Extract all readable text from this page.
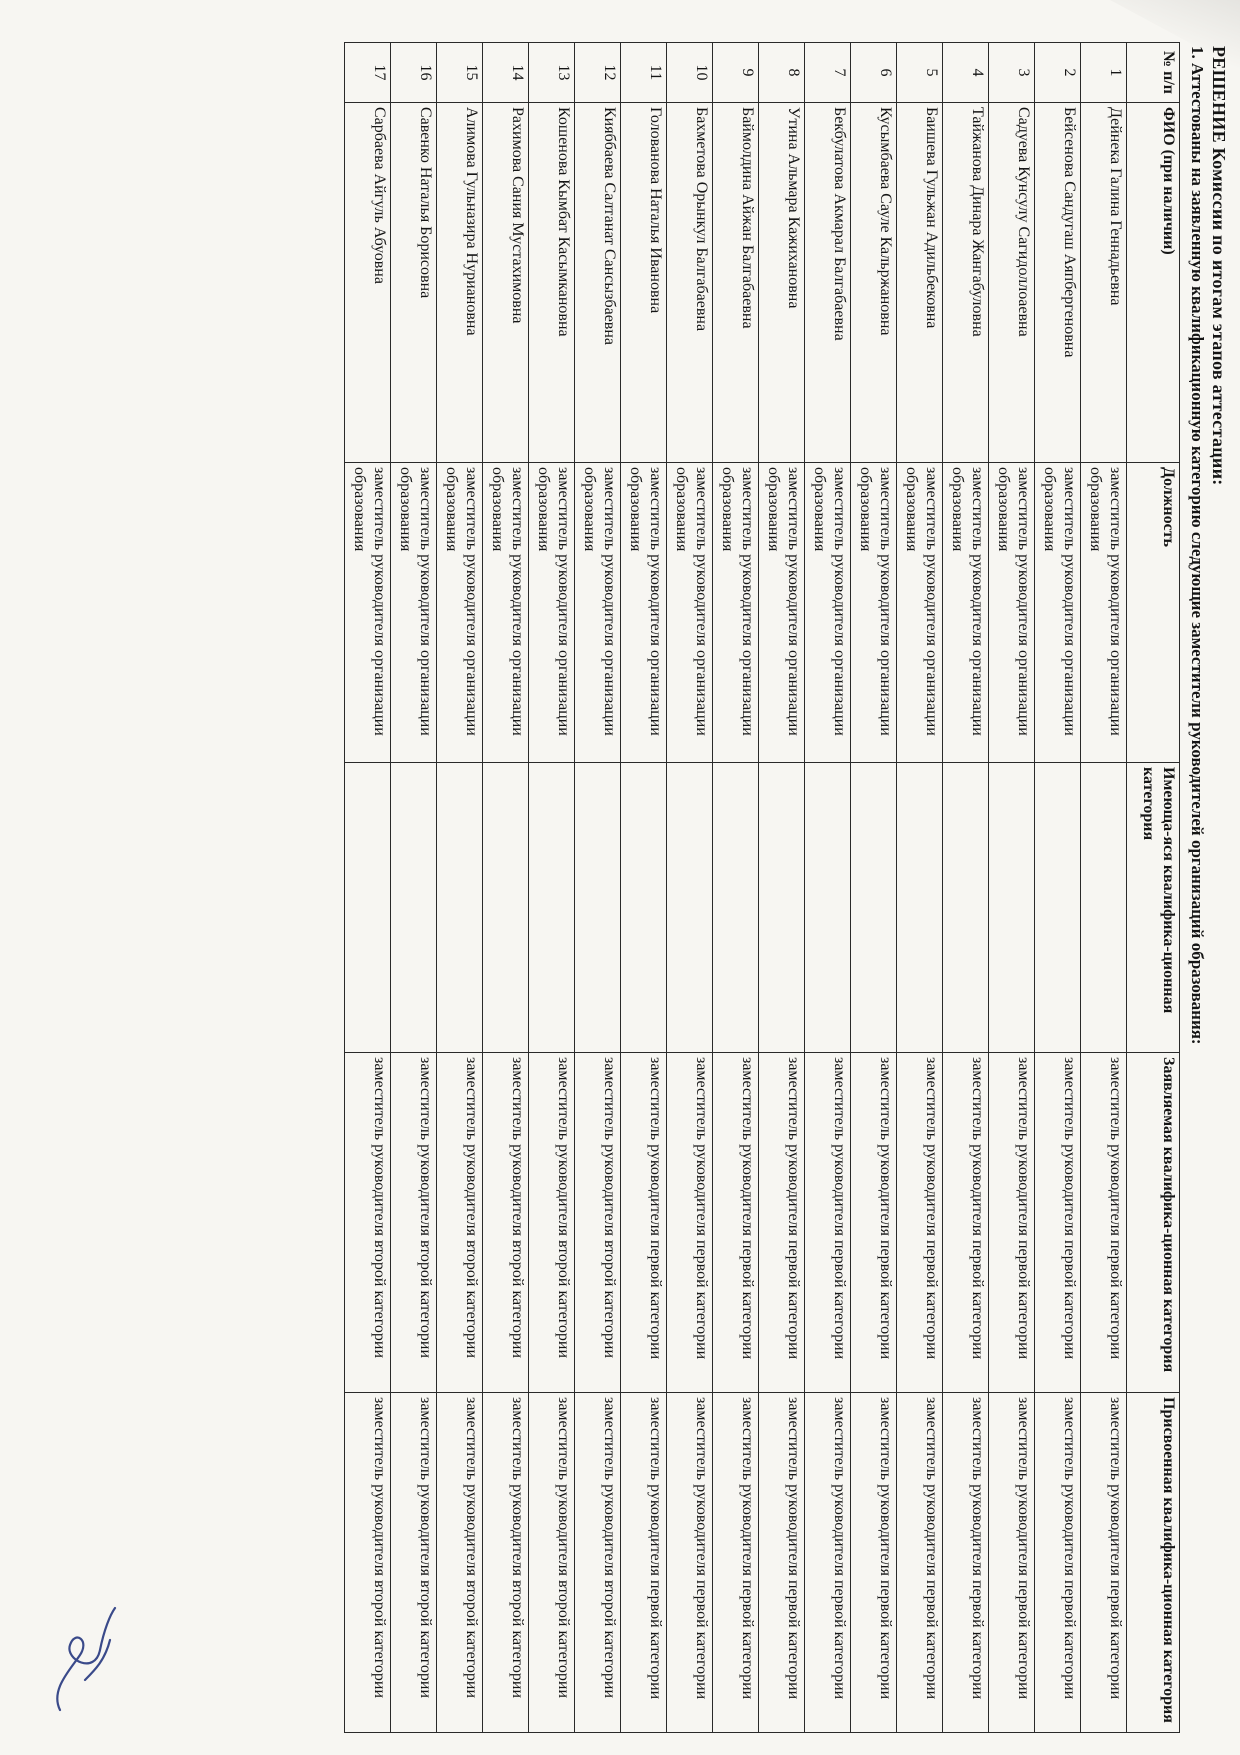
РЕШЕНИЕ Комиссии по итогам этапов аттестации:
1. Аттестованы на заявленную квалификационную категорию следующие заместители руководителей организаций образования:
№ п/п	ФИО (при наличии)	Должность	Имеюща-яся квалифика-ционная категория	Заявляемая квалифика-ционная категория	Присвоенная квалифика-ционная категория
1	Дейнека Галина Геннадьевна	заместитель руководителя организации образования		заместитель руководителя первой категории	заместитель руководителя первой категории
2	Бейсенова Сандугаш Аяпбергеновна	заместитель руководителя организации образования		заместитель руководителя первой категории	заместитель руководителя первой категории
3	Садуева Кунсулу Сагидоллоаевна	заместитель руководителя организации образования		заместитель руководителя первой категории	заместитель руководителя первой категории
4	Тайжанова Динара Жангабуловна	заместитель руководителя организации образования		заместитель руководителя первой категории	заместитель руководителя первой категории
5	Баишева Гульжан Адильбековна	заместитель руководителя организации образования		заместитель руководителя первой категории	заместитель руководителя первой категории
6	Кусымбаева Сауле Кальржановна	заместитель руководителя организации образования		заместитель руководителя первой категории	заместитель руководителя первой категории
7	Бекбулатова Акмарал Балгабаевна	заместитель руководителя организации образования		заместитель руководителя первой категории	заместитель руководителя первой категории
8	Утина Альмара Кажихановна	заместитель руководителя организации образования		заместитель руководителя первой категории	заместитель руководителя первой категории
9	Баймолдина Айжан Балгабаевна	заместитель руководителя организации образования		заместитель руководителя первой категории	заместитель руководителя первой категории
10	Бахметова Орынкул Балгабаевна	заместитель руководителя организации образования		заместитель руководителя первой категории	заместитель руководителя первой категории
11	Голованова Наталья Ивановна	заместитель руководителя организации образования		заместитель руководителя первой категории	заместитель руководителя первой категории
12	Кияббаева Салтанат Сансызбаевна	заместитель руководителя организации образования		заместитель руководителя второй категории	заместитель руководителя второй категории
13	Кошенова Кымбат Касымкановна	заместитель руководителя организации образования		заместитель руководителя второй категории	заместитель руководителя второй категории
14	Рахимова Сания Мустахимовна	заместитель руководителя организации образования		заместитель руководителя второй категории	заместитель руководителя второй категории
15	Алимова Гульназира Нуриановна	заместитель руководителя организации образования		заместитель руководителя второй категории	заместитель руководителя второй категории
16	Савенко Наталья Борисовна	заместитель руководителя организации образования		заместитель руководителя второй категории	заместитель руководителя второй категории
17	Сарбаева Айгуль Абуовна	заместитель руководителя организации образования		заместитель руководителя второй категории	заместитель руководителя второй категории
